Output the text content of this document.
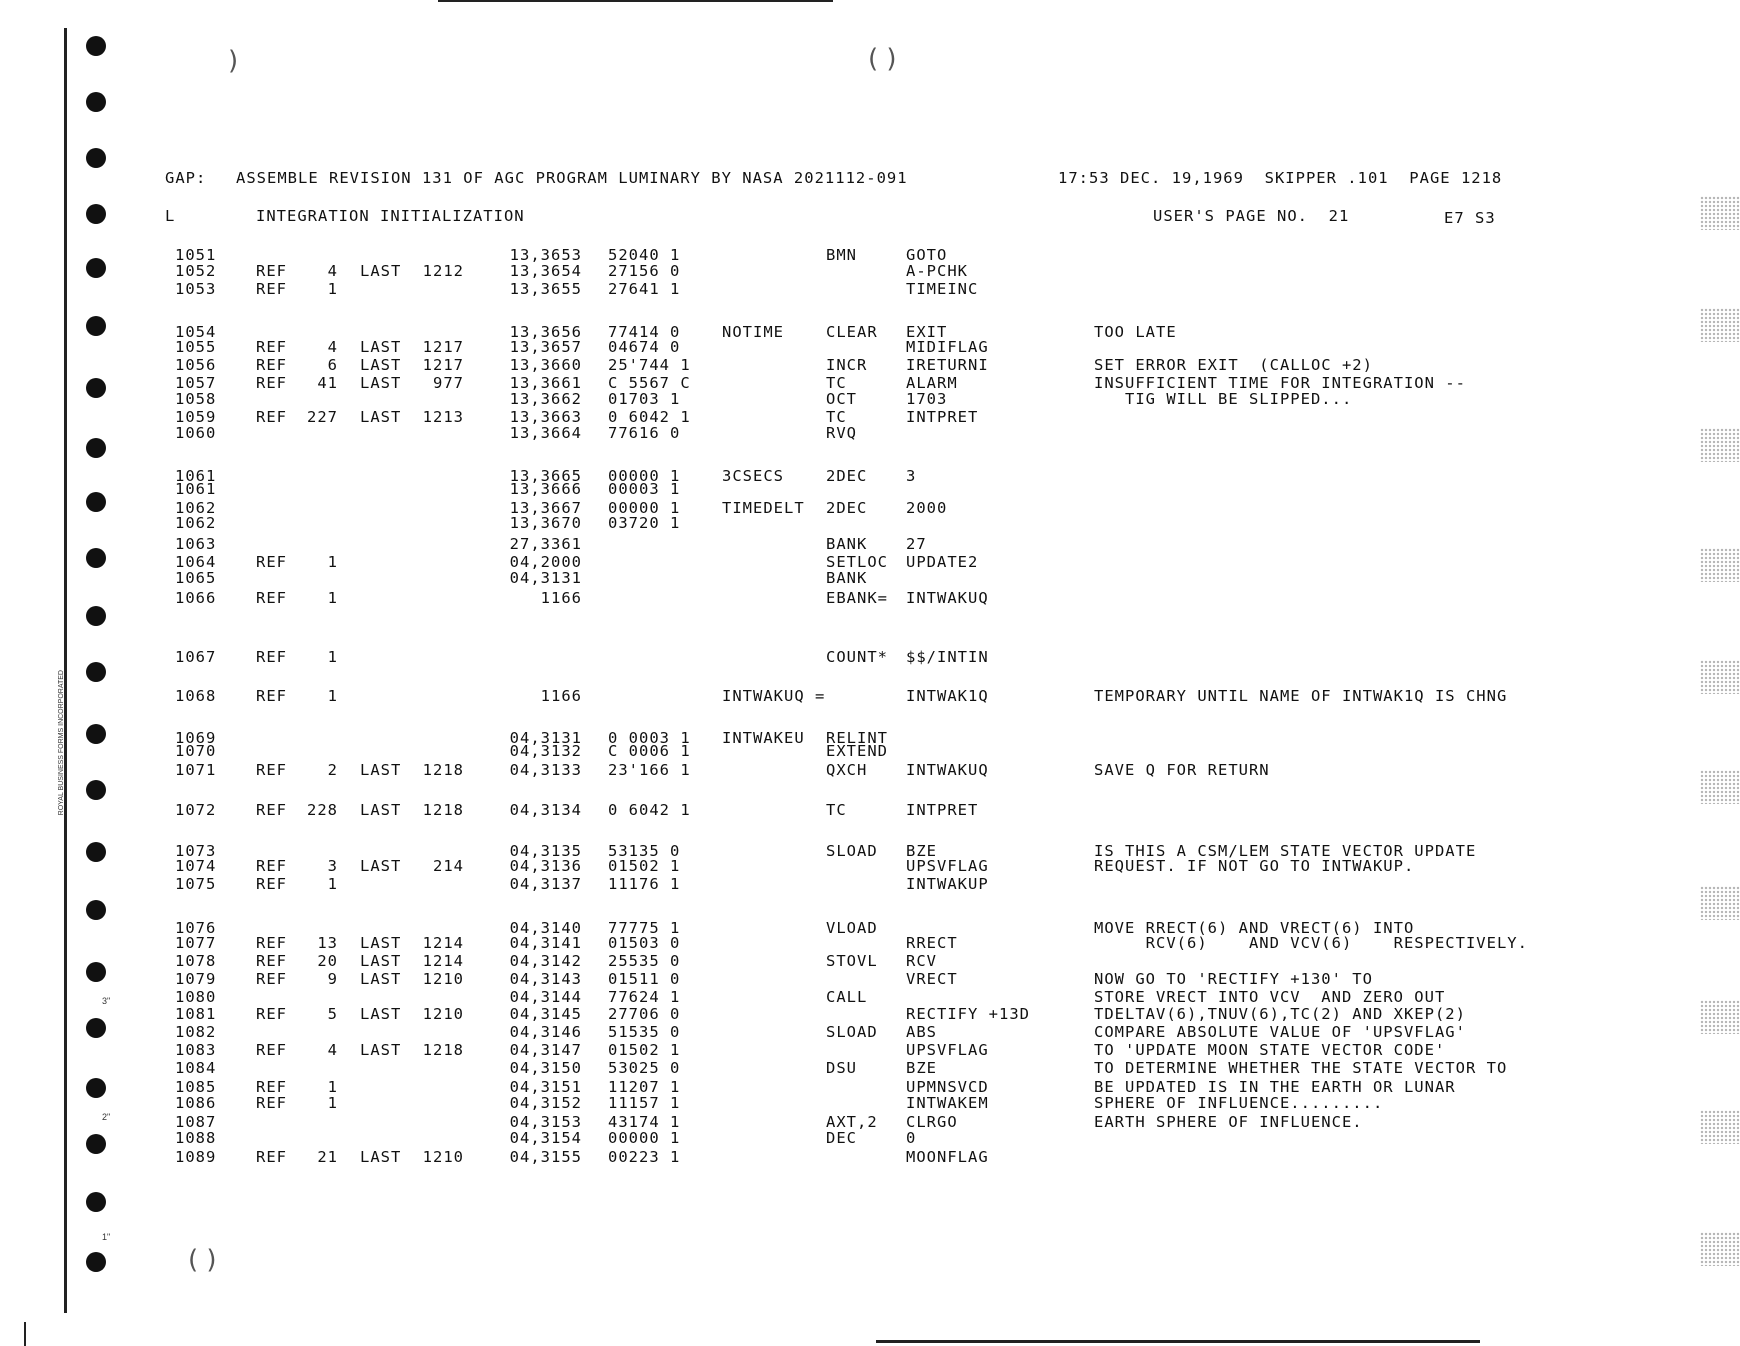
)	( )
( )
ROYAL BUSINESS FORMS INCORPORATED
3"
2"
1"
GAP: ASSEMBLE REVISION 131 OF AGC PROGRAM LUMINARY BY NASA 2021112-091	17:53 DEC. 19,1969  SKIPPER .101  PAGE 1218
L	INTEGRATION INITIALIZATION	USER'S PAGE NO.  21	E7 S3
1051	13,3653 52040 1	BMN	GOTO
1052	REF	4 LAST	1212	13,3654 27156 0	A-PCHK
1053	REF	1	13,3655 27641 1	TIMEINC
1054	13,3656 77414 0	NOTIME	CLEAR	EXIT	TOO LATE
1055	REF	4 LAST	1217	13,3657 04674 0	MIDIFLAG
1056	REF	6 LAST	1217	13,3660 25'744 1	INCR	IRETURNI	SET ERROR EXIT  (CALLOC +2)
1057	REF	41 LAST	977	13,3661 C 5567 C	TC	ALARM	INSUFFICIENT TIME FOR INTEGRATION --
1058	13,3662 01703 1	OCT	1703	TIG WILL BE SLIPPED...
1059	REF	227 LAST	1213	13,3663 0 6042 1	TC	INTPRET
1060	13,3664 77616 0	RVQ
1061	13,3665 00000 1	3CSECS	2DEC	3
1061	13,3666 00003 1
1062	13,3667 00000 1	TIMEDELT	2DEC	2000
1062	13,3670 03720 1
1063	27,3361	BANK	27
1064	REF	1	04,2000	SETLOC	UPDATE2
1065	04,3131	BANK
1066	REF	1	1166	EBANK=	INTWAKUQ
1067	REF	1	COUNT*	$$/INTIN
1068	REF	1	1166	INTWAKUQ =	INTWAK1Q	TEMPORARY UNTIL NAME OF INTWAK1Q IS CHNG
1069	04,3131 0 0003 1	INTWAKEU	RELINT
1070	04,3132 C 0006 1	EXTEND
1071	REF	2 LAST	1218	04,3133 23'166 1	QXCH	INTWAKUQ	SAVE Q FOR RETURN
1072	REF	228 LAST	1218	04,3134 0 6042 1	TC	INTPRET
1073	04,3135 53135 0	SLOAD	BZE	IS THIS A CSM/LEM STATE VECTOR UPDATE
1074	REF	3 LAST	214	04,3136 01502 1	UPSVFLAG	REQUEST. IF NOT GO TO INTWAKUP.
1075	REF	1	04,3137 11176 1	INTWAKUP
1076	04,3140 77775 1	VLOAD	MOVE RRECT(6) AND VRECT(6) INTO
1077	REF	13 LAST	1214	04,3141 01503 0	RRECT	RCV(6)    AND VCV(6)    RESPECTIVELY.
1078	REF	20 LAST	1214	04,3142 25535 0	STOVL	RCV
1079	REF	9 LAST	1210	04,3143 01511 0	VRECT	NOW GO TO 'RECTIFY +130' TO
1080	04,3144 77624 1	CALL	STORE VRECT INTO VCV  AND ZERO OUT
1081	REF	5 LAST	1210	04,3145 27706 0	RECTIFY +13D	TDELTAV(6),TNUV(6),TC(2) AND XKEP(2)
1082	04,3146 51535 0	SLOAD	ABS	COMPARE ABSOLUTE VALUE OF 'UPSVFLAG'
1083	REF	4 LAST	1218	04,3147 01502 1	UPSVFLAG	TO 'UPDATE MOON STATE VECTOR CODE'
1084	04,3150 53025 0	DSU	BZE	TO DETERMINE WHETHER THE STATE VECTOR TO
1085	REF	1	04,3151 11207 1	UPMNSVCD	BE UPDATED IS IN THE EARTH OR LUNAR
1086	REF	1	04,3152 11157 1	INTWAKEM	SPHERE OF INFLUENCE.........
1087	04,3153 43174 1	AXT,2	CLRGO	EARTH SPHERE OF INFLUENCE.
1088	04,3154 00000 1	DEC	0
1089	REF	21 LAST	1210	04,3155 00223 1	MOONFLAG
